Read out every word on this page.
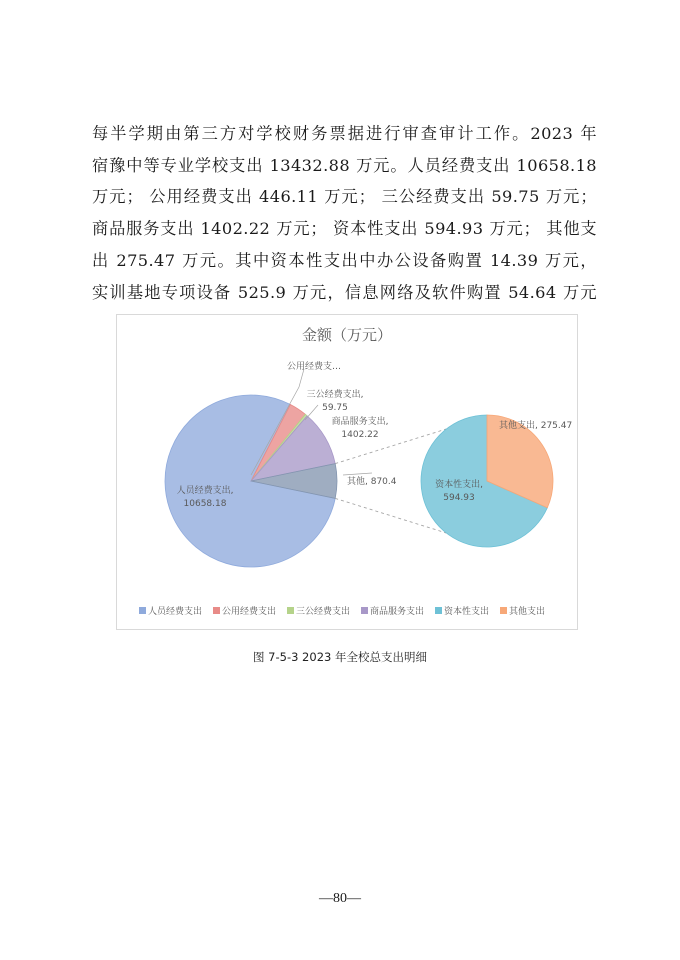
每半学期由第三方对学校财务票据进行审查审计工作。2023 年
宿豫中等专业学校支出 13432.88 万元。人员经费支出 10658.18
万元； 公用经费支出 446.11 万元； 三公经费支出 59.75 万元；
商品服务支出 1402.22 万元； 资本性支出 594.93 万元； 其他支
出 275.47 万元。其中资本性支出中办公设备购置 14.39 万元，
实训基地专项设备 525.9 万元，信息网络及软件购置 54.64 万元
金额（万元）
人员经费支出,
10658.18
公用经费支…
三公经费支出,
59.75
商品服务支出,
1402.22
其他, 870.4	资本性支出,
594.93
其他支出, 275.47
人员经费支出 公用经费支出 三公经费支出 商品服务支出 资本性支出 其他支出
图 7-5-3 2023 年全校总支出明细
—80—
